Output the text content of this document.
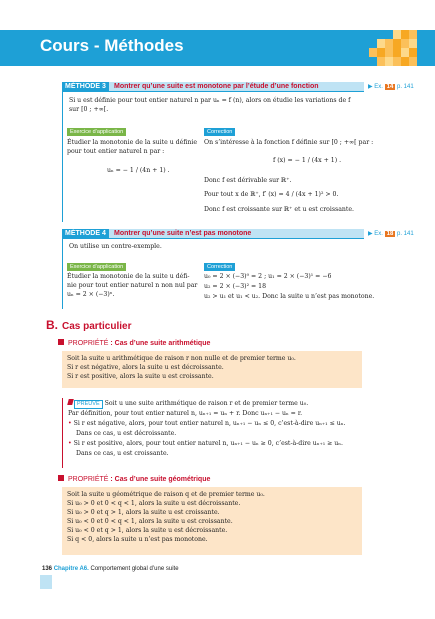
Cours - Méthodes
MÉTHODE 3	Montrer qu’une suite est monotone par l’étude d’une fonction	▶ Ex. 14 p. 141
Si u est définie pour tout entier naturel n par uₙ = f (n), alors on étudie les variations de f
sur [0 ; +∞[.
Exercice d’application
Étudier la monotonie de la suite u définie
pour tout entier naturel n par :
uₙ = − 1 / (4n + 1) .
Correction
On s’intéresse à la fonction f définie sur [0 ; +∞[ par :
f (x) = − 1 / (4x + 1) .
Donc f est dérivable sur ℝ⁺.
Pour tout x de ℝ⁺, f′ (x) = 4 / (4x + 1)² > 0.
Donc f est croissante sur ℝ⁺ et u est croissante.
MÉTHODE 4	Montrer qu’une suite n’est pas monotone	▶ Ex. 18 p. 141
On utilise un contre-exemple.
Exercice d’application
Étudier la monotonie de la suite u défi-
nie pour tout entier naturel n non nul par
uₙ = 2 × (−3)ⁿ.
Correction
u₀ = 2 × (−3)⁰ = 2 ; u₁ = 2 × (−3)¹ = −6
u₂ = 2 × (−3)² = 18
u₂ > u₁ et u₁ < u₂. Donc la suite u n’est pas monotone.
B. Cas particulier
PROPRIÉTÉ : Cas d’une suite arithmétique
Soit la suite u arithmétique de raison r non nulle et de premier terme u₀.
Si r est négative, alors la suite u est décroissante.
Si r est positive, alors la suite u est croissante.
PREUVE Soit u une suite arithmétique de raison r et de premier terme u₀.
Par définition, pour tout entier naturel n, uₙ₊₁ = uₙ + r. Donc uₙ₊₁ − uₙ = r.
• Si r est négative, alors, pour tout entier naturel n, uₙ₊₁ − uₙ ≤ 0, c’est-à-dire uₙ₊₁ ≤ uₙ.
Dans ce cas, u est décroissante.
• Si r est positive, alors, pour tout entier naturel n, uₙ₊₁ − uₙ ≥ 0, c’est-à-dire uₙ₊₁ ≥ uₙ.
Dans ce cas, u est croissante.
PROPRIÉTÉ : Cas d’une suite géométrique
Soit la suite u géométrique de raison q et de premier terme u₀.
Si u₀ > 0 et 0 < q < 1, alors la suite u est décroissante.
Si u₀ > 0 et q > 1, alors la suite u est croissante.
Si u₀ < 0 et 0 < q < 1, alors la suite u est croissante.
Si u₀ < 0 et q > 1, alors la suite u est décroissante.
Si q < 0, alors la suite u n’est pas monotone.
136 Chapitre A6. Comportement global d’une suite
